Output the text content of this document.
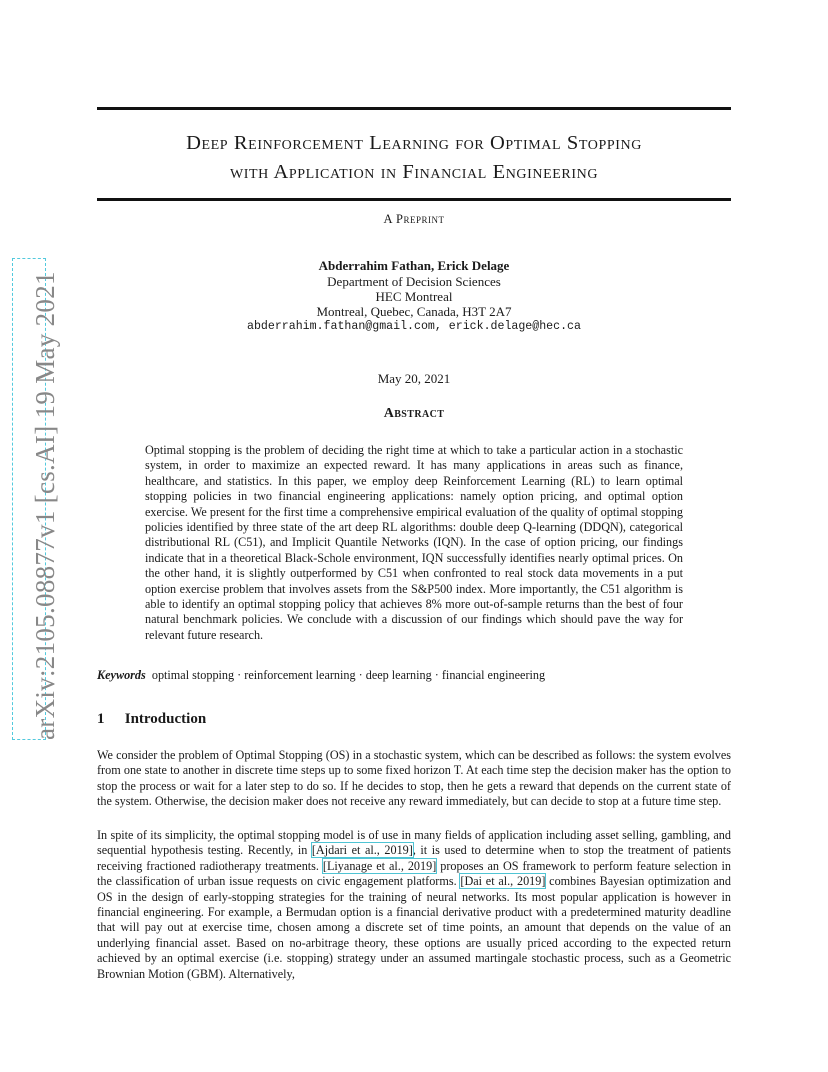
arXiv:2105.08877v1 [cs.AI] 19 May 2021
Deep Reinforcement Learning for Optimal Stopping
with Application in Financial Engineering
A Preprint
Abderrahim Fathan, Erick Delage
Department of Decision Sciences
HEC Montreal
Montreal, Quebec, Canada, H3T 2A7
abderrahim.fathan@gmail.com, erick.delage@hec.ca
May 20, 2021
Abstract
Optimal stopping is the problem of deciding the right time at which to take a particular action in a stochastic system, in order to maximize an expected reward. It has many applications in areas such as finance, healthcare, and statistics. In this paper, we employ deep Reinforcement Learning (RL) to learn optimal stopping policies in two financial engineering applications: namely option pricing, and optimal option exercise. We present for the first time a comprehensive empirical evaluation of the quality of optimal stopping policies identified by three state of the art deep RL algorithms: double deep Q-learning (DDQN), categorical distributional RL (C51), and Implicit Quantile Networks (IQN). In the case of option pricing, our findings indicate that in a theoretical Black-Schole environment, IQN successfully identifies nearly optimal prices. On the other hand, it is slightly outperformed by C51 when confronted to real stock data movements in a put option exercise problem that involves assets from the S&P500 index. More importantly, the C51 algorithm is able to identify an optimal stopping policy that achieves 8% more out-of-sample returns than the best of four natural benchmark policies. We conclude with a discussion of our findings which should pave the way for relevant future research.
Keywords optimal stopping · reinforcement learning · deep learning · financial engineering
1 Introduction
We consider the problem of Optimal Stopping (OS) in a stochastic system, which can be described as follows: the system evolves from one state to another in discrete time steps up to some fixed horizon T. At each time step the decision maker has the option to stop the process or wait for a later step to do so. If he decides to stop, then he gets a reward that depends on the current state of the system. Otherwise, the decision maker does not receive any reward immediately, but can decide to stop at a future time step.
In spite of its simplicity, the optimal stopping model is of use in many fields of application including asset selling, gambling, and sequential hypothesis testing. Recently, in [Ajdari et al., 2019], it is used to determine when to stop the treatment of patients receiving fractioned radiotherapy treatments. [Liyanage et al., 2019] proposes an OS framework to perform feature selection in the classification of urban issue requests on civic engagement platforms. [Dai et al., 2019] combines Bayesian optimization and OS in the design of early-stopping strategies for the training of neural networks. Its most popular application is however in financial engineering. For example, a Bermudan option is a financial derivative product with a predetermined maturity deadline that will pay out at exercise time, chosen among a discrete set of time points, an amount that depends on the value of an underlying financial asset. Based on no-arbitrage theory, these options are usually priced according to the expected return achieved by an optimal exercise (i.e. stopping) strategy under an assumed martingale stochastic process, such as a Geometric Brownian Motion (GBM). Alternatively,
